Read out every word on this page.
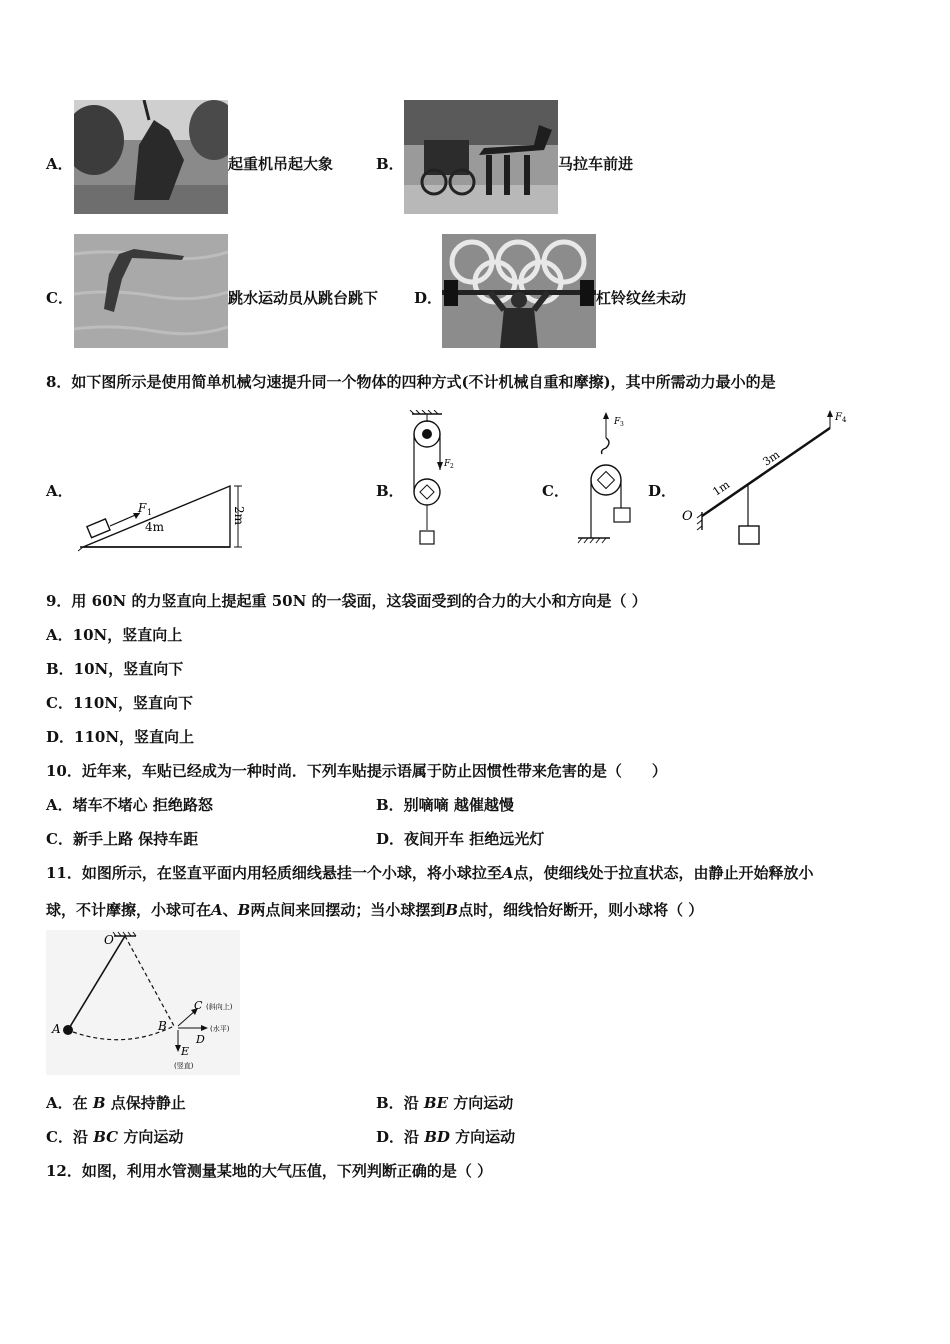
A．	起重机吊起大象	B．	马拉车前进
C．	跳水运动员从跳台跳下 D．	杠铃纹丝未动
8．如下图所示是使用简单机械匀速提升同一个物体的四种方式(不计机械自重和摩擦)，其中所需动力最小的是
A．
F 1
4m
2m
B．
F 2
C．
F 3
D．
F 4
O
1m
3m
9．用 60N 的力竖直向上提起重 50N 的一袋面，这袋面受到的合力的大小和方向是（ ）
A．10N，竖直向上
B．10N，竖直向下
C．110N，竖直向下
D．110N，竖直向上
10．近年来，车贴已经成为一种时尚．下列车贴提示语属于防止因惯性带来危害的是（　　）
A．堵车不堵心 拒绝路怒	B．别嘀嘀 越催越慢
C．新手上路 保持车距	D．夜间开车 拒绝远光灯
11．如图所示，在竖直平面内用轻质细线悬挂一个小球，将小球拉至A点，使细线处于拉直状态，由静止开始释放小
球，不计摩擦，小球可在A、B两点间来回摆动；当小球摆到B点时，细线恰好断开，则小球将（ ）
O
A	B
C (斜向上)
D
(水平)
E
(竖直)
A．在 B 点保持静止	B．沿 BE 方向运动
C．沿 BC 方向运动	D．沿 BD 方向运动
12．如图，利用水管测量某地的大气压值，下列判断正确的是（ ）
